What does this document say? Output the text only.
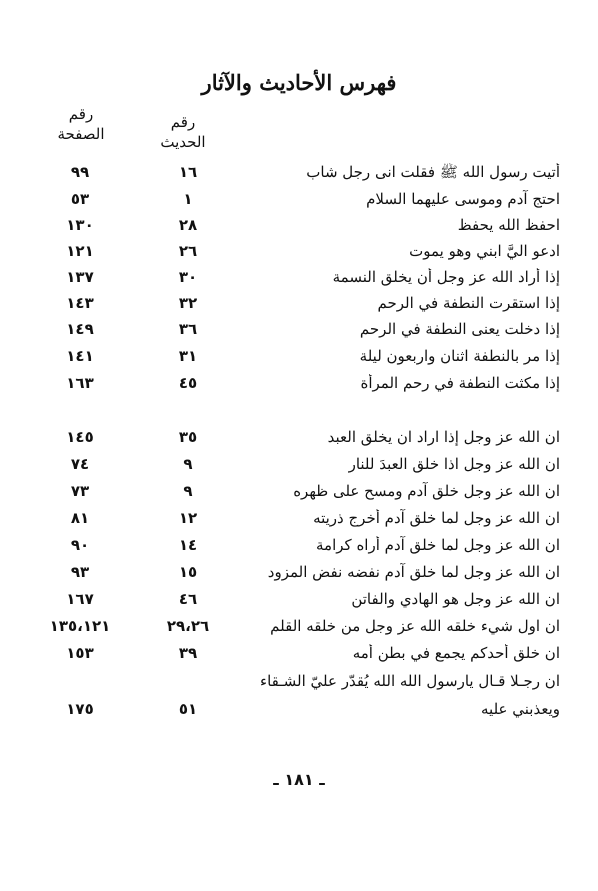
فهرس الأحاديث والآثار
رقم
الحديث
رقم
الصفحة
أتيت رسول الله ﷺ فقلت انى رجل شاب
١٦
٩٩
احتج آدم وموسى عليهما السلام
١
٥٣
احفظ الله يحفظ
٢٨
١٣٠
ادعو اليَّ ابني وهو يموت
٢٦
١٢١
إذا أراد الله عز وجل أن يخلق النسمة
٣٠
١٣٧
إذا استقرت النطفة في الرحم
٣٢
١٤٣
إذا دخلت يعنى النطفة في الرحم
٣٦
١٤٩
إذا مر بالنطفة اثنان واربعون ليلة
٣١
١٤١
إذا مكثت النطفة في رحم المرأة
٤٥
١٦٣
ان الله عز وجل إذا اراد ان يخلق العبد
٣٥
١٤٥
ان الله عز وجل اذا خلق العبدَ للنار
٩
٧٤
ان الله عز وجل خلق آدم ومسح على ظهره
٩
٧٣
ان الله عز وجل لما خلق آدم أخرج ذريته
١٢
٨١
ان الله عز وجل لما خلق آدم أراه كرامة
١٤
٩٠
ان الله عز وجل لما خلق آدم نفضه نفض المزود
١٥
٩٣
ان الله عز وجل هو الهادي والفاتن
٤٦
١٦٧
ان اول شيء خلقه الله عز وجل من خلقه القلم
٢٩،٢٦
١٣٥،١٢١
ان خلق أحدكم يجمع في بطن أمه
٣٩
١٥٣
ان رجـلا قـال يارسول الله الله يُقدّر عليّ الشـقاء
ويعذبني عليه
٥١
١٧٥
ـ ١٨١ ـ
